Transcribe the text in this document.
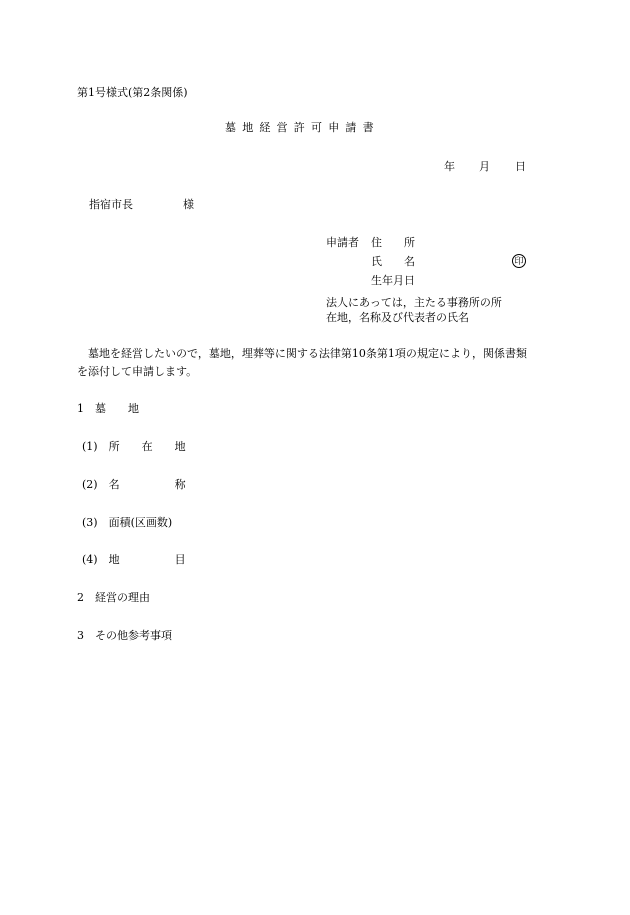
第1号様式(第2条関係)
墓地経営許可申請書
年 月 日
指宿市長	様
申請者 住　　所
氏　　名	印
生年月日
法人にあっては，主たる事務所の所
在地，名称及び代表者の氏名
墓地を経営したいので，墓地，埋葬等に関する法律第10条第1項の規定により，関係書類を添付して申請します。
1　 墓　　地
(1)　 所　　在　　地
(2)　 名　　　　　称
(3)　 面積(区画数)
(4)　 地　　　　　目
2　 経営の理由
3　 その他参考事項
